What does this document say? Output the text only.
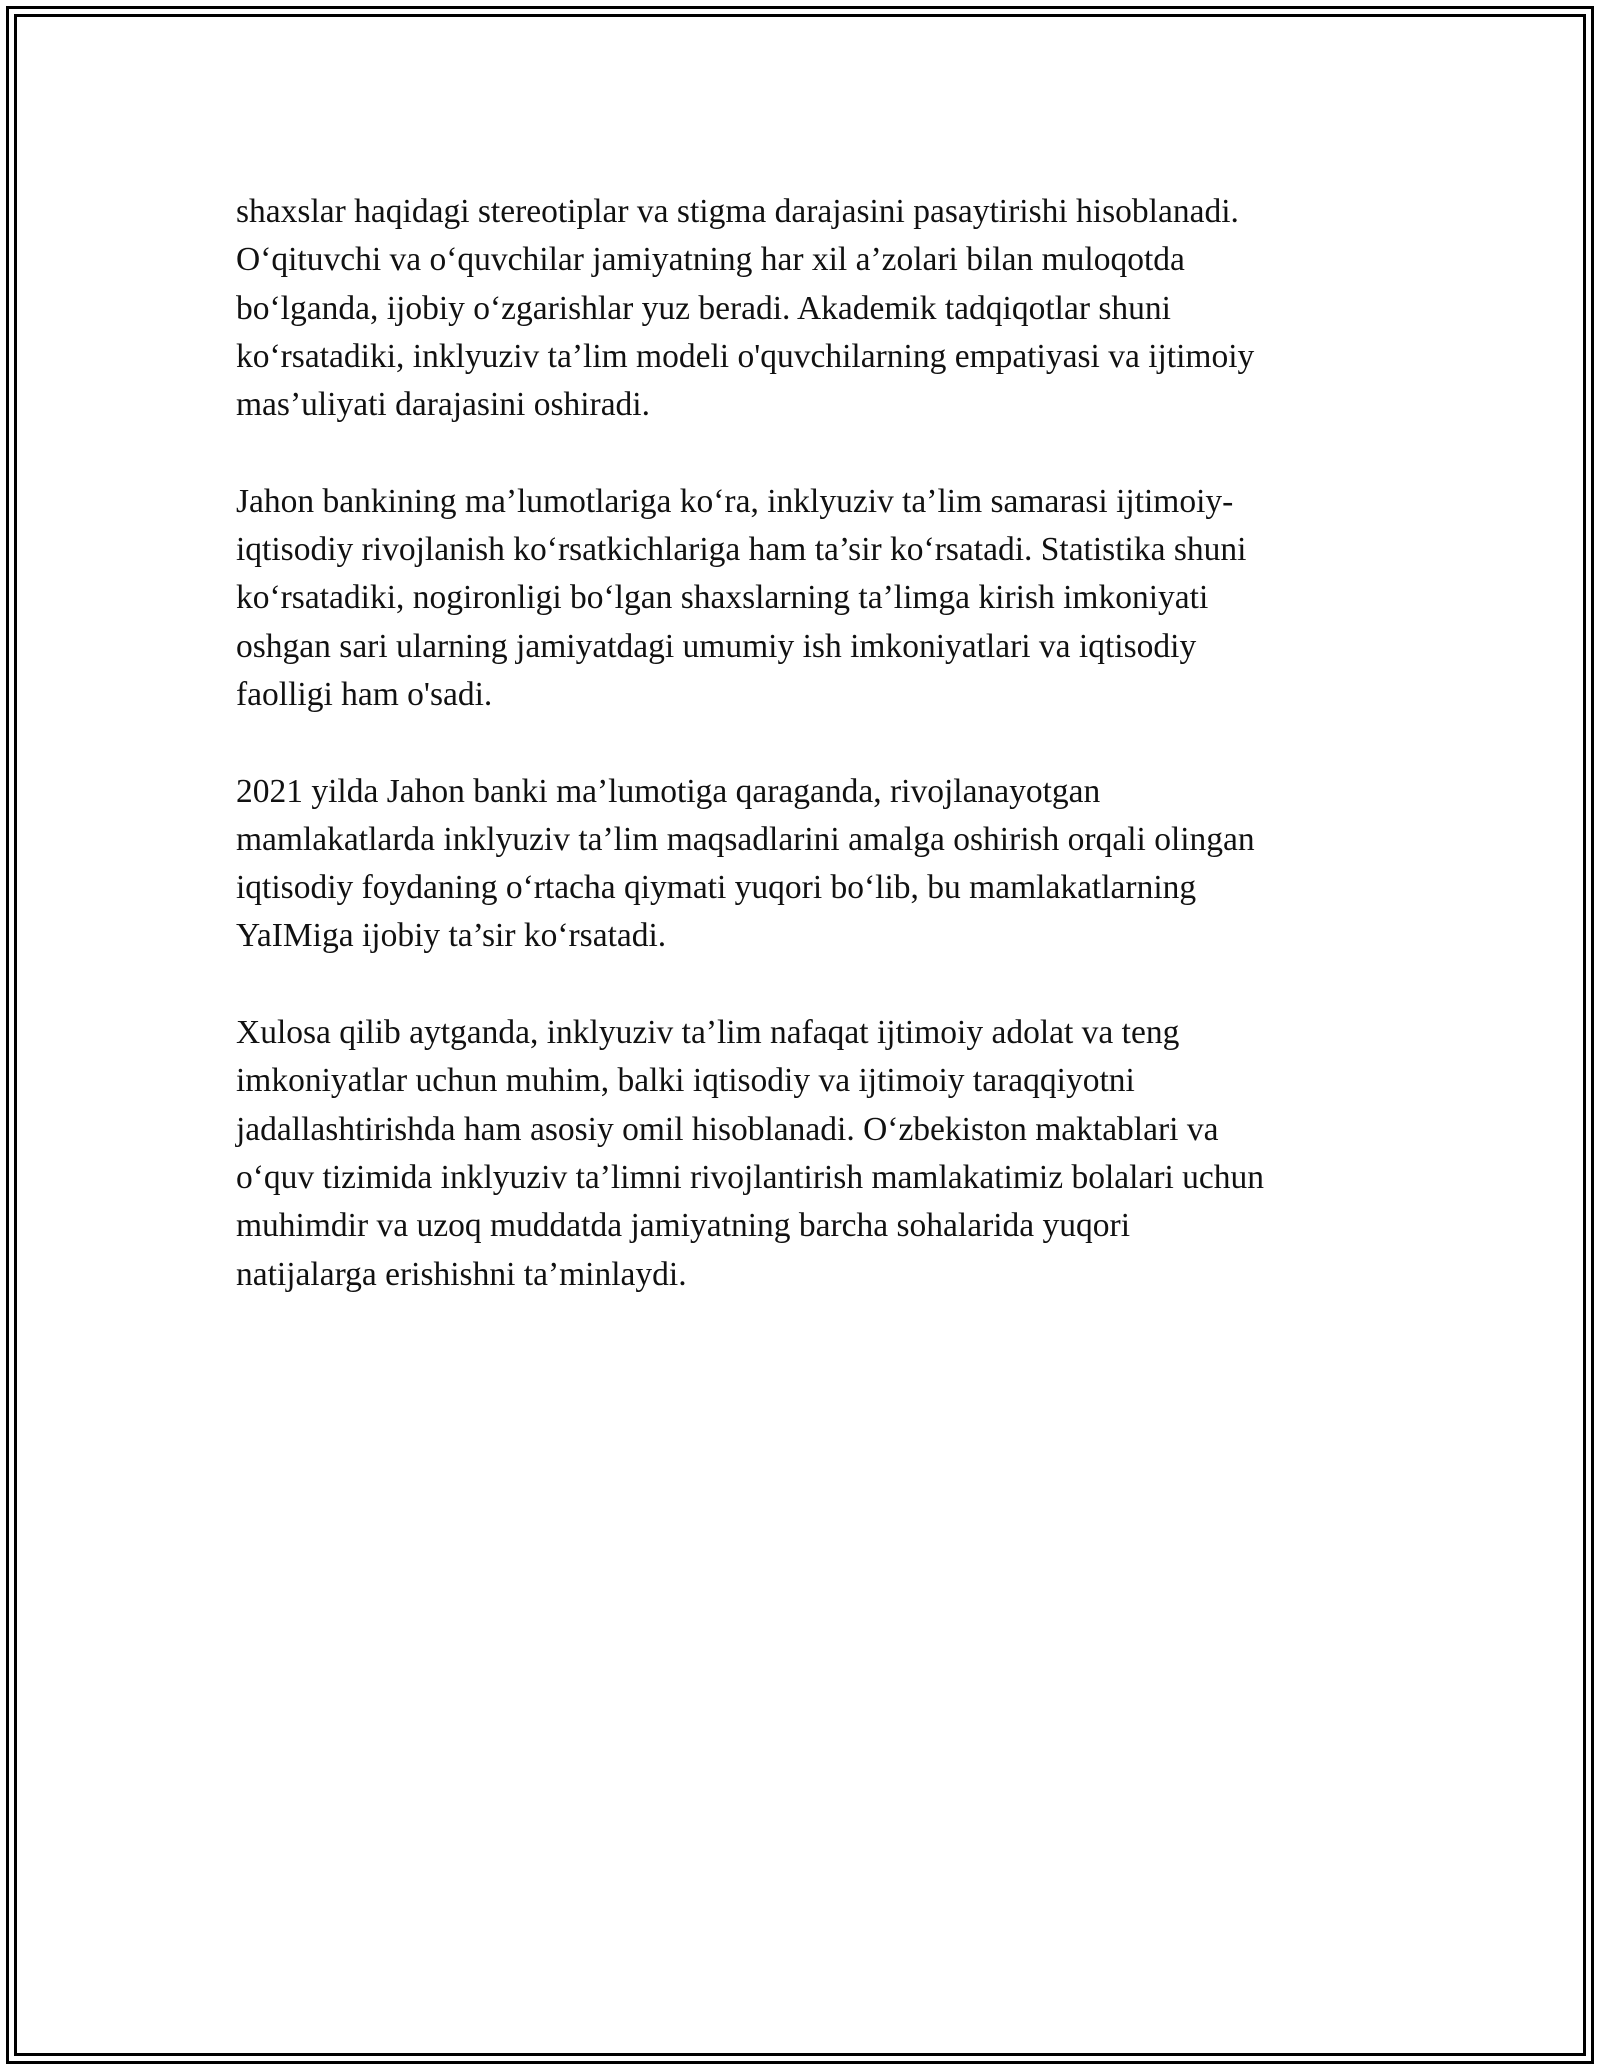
shaxslar haqidagi stereotiplar va stigma darajasini pasaytirishi hisoblanadi.
O‘qituvchi va o‘quvchilar jamiyatning har xil a’zolari bilan muloqotda
bo‘lganda, ijobiy o‘zgarishlar yuz beradi. Akademik tadqiqotlar shuni
ko‘rsatadiki, inklyuziv ta’lim modeli o'quvchilarning empatiyasi va ijtimoiy
mas’uliyati darajasini oshiradi.

Jahon bankining ma’lumotlariga ko‘ra, inklyuziv ta’lim samarasi ijtimoiy-
iqtisodiy rivojlanish ko‘rsatkichlariga ham ta’sir ko‘rsatadi. Statistika shuni
ko‘rsatadiki, nogironligi bo‘lgan shaxslarning ta’limga kirish imkoniyati
oshgan sari ularning jamiyatdagi umumiy ish imkoniyatlari va iqtisodiy
faolligi ham o'sadi.

2021 yilda Jahon banki ma’lumotiga qaraganda, rivojlanayotgan
mamlakatlarda inklyuziv ta’lim maqsadlarini amalga oshirish orqali olingan
iqtisodiy foydaning o‘rtacha qiymati yuqori bo‘lib, bu mamlakatlarning
YaIMiga ijobiy ta’sir ko‘rsatadi.

Xulosa qilib aytganda, inklyuziv ta’lim nafaqat ijtimoiy adolat va teng
imkoniyatlar uchun muhim, balki iqtisodiy va ijtimoiy taraqqiyotni
jadallashtirishda ham asosiy omil hisoblanadi. O‘zbekiston maktablari va
o‘quv tizimida inklyuziv ta’limni rivojlantirish mamlakatimiz bolalari uchun
muhimdir va uzoq muddatda jamiyatning barcha sohalarida yuqori
natijalarga erishishni ta’minlaydi.
